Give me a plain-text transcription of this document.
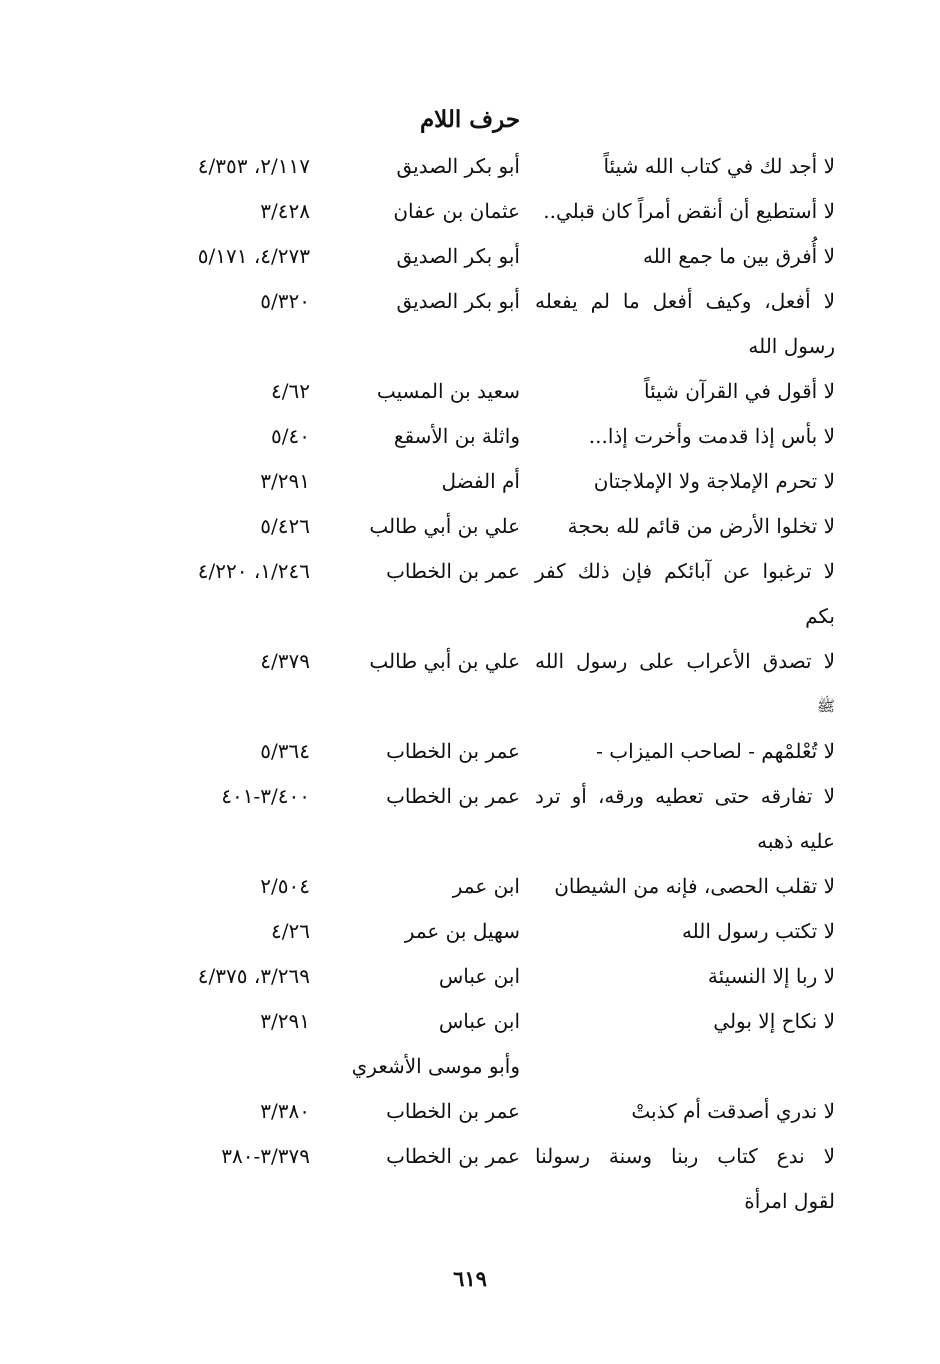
حرف اللام
لا أجد لك في كتاب الله شيئاً
أبو بكر الصديق
٢/١١٧، ٤/٣٥٣
لا أستطيع أن أنقض أمراً كان قبلي..
عثمان بن عفان
٣/٤٢٨
لا أُفرق بين ما جمع الله
أبو بكر الصديق
٤/٢٧٣، ٥/١٧١
لا أفعل، وكيف أفعل ما لم يفعله
أبو بكر الصديق
٥/٣٢٠
رسول الله
لا أقول في القرآن شيئاً
سعيد بن المسيب
٤/٦٢
لا بأس إذا قدمت وأخرت إذا...
واثلة بن الأسقع
٥/٤٠
لا تحرم الإملاجة ولا الإملاجتان
أم الفضل
٣/٢٩١
لا تخلوا الأرض من قائم لله بحجة
علي بن أبي طالب
٥/٤٢٦
لا ترغبوا عن آبائكم فإن ذلك كفر
عمر بن الخطاب
١/٢٤٦، ٤/٢٢٠
بكم
لا تصدق الأعراب على رسول الله
علي بن أبي طالب
٤/٣٧٩
ﷺ
لا تُعْلمْهم - لصاحب الميزاب -
عمر بن الخطاب
٥/٣٦٤
لا تفارقه حتى تعطيه ورقه، أو ترد
عمر بن الخطاب
٣/٤٠٠-٤٠١
عليه ذهبه
لا تقلب الحصى، فإنه من الشيطان
ابن عمر
٢/٥٠٤
لا تكتب رسول الله
سهيل بن عمر
٤/٢٦
لا ربا إلا النسيئة
ابن عباس
٣/٢٦٩، ٤/٣٧٥
لا نكاح إلا بولي
ابن عباس
٣/٢٩١
وأبو موسى الأشعري
لا ندري أصدقت أم كذبتْ
عمر بن الخطاب
٣/٣٨٠
لا ندع كتاب ربنا وسنة رسولنا
عمر بن الخطاب
٣/٣٧٩-٣٨٠
لقول امرأة
٦١٩
